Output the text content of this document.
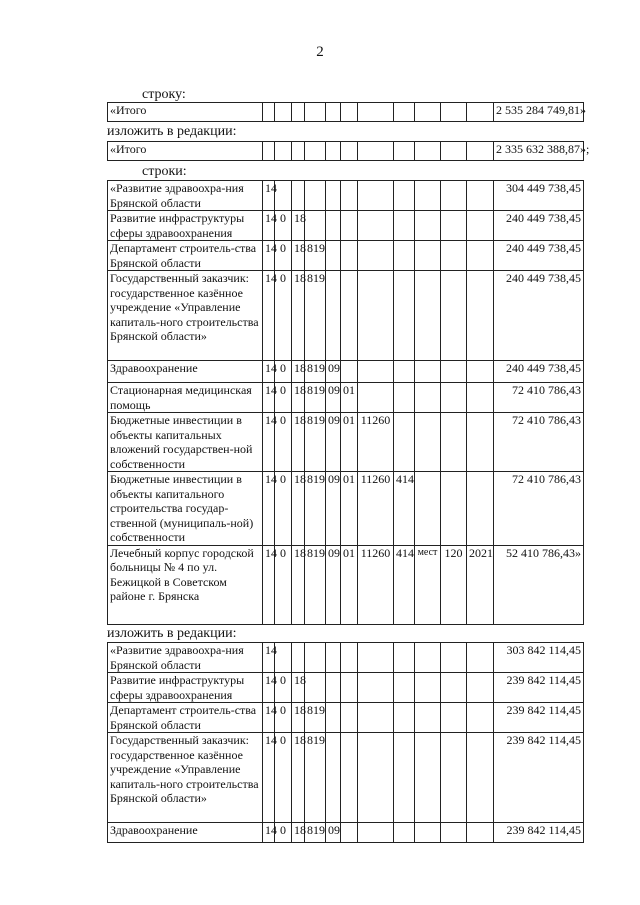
2
строку:
«Итого												2 535 284 749,81»
изложить в редакции:
«Итого												2 335 632 388,87»;
строки:
«Развитие здравоохра-ния Брянской области	14											304 449 738,45
Развитие инфраструктуры сферы здравоохранения	14	0	18									240 449 738,45
Департамент строитель-ства Брянской области	14	0	18	819								240 449 738,45
Государственный заказчик: государственное казённое учреждение «Управление капиталь-ного строительства Брянской области»	14	0	18	819								240 449 738,45
Здравоохранение	14	0	18	819	09							240 449 738,45
Стационарная медицинская помощь	14	0	18	819	09	01						72 410 786,43
Бюджетные инвестиции в объекты капитальных вложений государствен-ной собственности	14	0	18	819	09	01	11260					72 410 786,43
Бюджетные инвестиции в объекты капитального строительства государ-ственной (муниципаль-ной) собственности	14	0	18	819	09	01	11260	414				72 410 786,43
Лечебный корпус городской больницы № 4 по ул. Бежицкой в Советском районе г. Брянска	14	0	18	819	09	01	11260	414	мест	120	2021	52 410 786,43»
изложить в редакции:
«Развитие здравоохра-ния Брянской области	14											303 842 114,45
Развитие инфраструктуры сферы здравоохранения	14	0	18									239 842 114,45
Департамент строитель-ства Брянской области	14	0	18	819								239 842 114,45
Государственный заказчик: государственное казённое учреждение «Управление капиталь-ного строительства Брянской области»	14	0	18	819								239 842 114,45
Здравоохранение	14	0	18	819	09							239 842 114,45
